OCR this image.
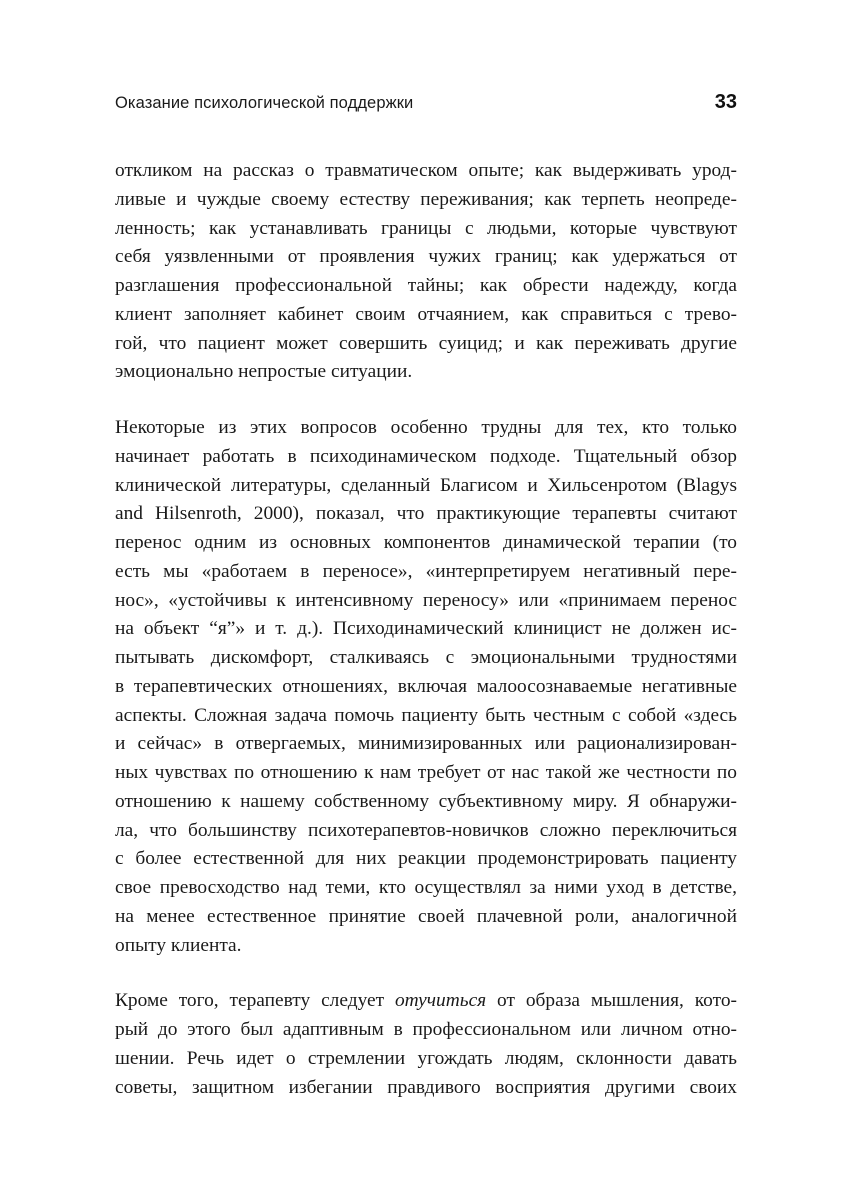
Оказание психологической поддержки	33
откликом на рассказ о травматическом опыте; как выдерживать урод-
ливые и чуждые своему естеству переживания; как терпеть неопреде-
ленность; как устанавливать границы с людьми, которые чувствуют
себя уязвленными от проявления чужих границ; как удержаться от
разглашения профессиональной тайны; как обрести надежду, когда
клиент заполняет кабинет своим отчаянием, как справиться с трево-
гой, что пациент может совершить суицид; и как переживать другие
эмоционально непростые ситуации.
Некоторые из этих вопросов особенно трудны для тех, кто только
начинает работать в психодинамическом подходе. Тщательный обзор
клинической литературы, сделанный Благисом и Хильсенротом (Blagys
and Hilsenroth, 2000), показал, что практикующие терапевты считают
перенос одним из основных компонентов динамической терапии (то
есть мы «работаем в переносе», «интерпретируем негативный пере-
нос», «устойчивы к интенсивному переносу» или «принимаем перенос
на объект “я”» и т. д.). Психодинамический клиницист не должен ис-
пытывать дискомфорт, сталкиваясь с эмоциональными трудностями
в терапевтических отношениях, включая малоосознаваемые негативные
аспекты. Сложная задача помочь пациенту быть честным с собой «здесь
и сейчас» в отвергаемых, минимизированных или рационализирован-
ных чувствах по отношению к нам требует от нас такой же честности по
отношению к нашему собственному субъективному миру. Я обнаружи-
ла, что большинству психотерапевтов-новичков сложно переключиться
с более естественной для них реакции продемонстрировать пациенту
свое превосходство над теми, кто осуществлял за ними уход в детстве,
на менее естественное принятие своей плачевной роли, аналогичной
опыту клиента.
Кроме того, терапевту следует отучиться от образа мышления, кото-
рый до этого был адаптивным в профессиональном или личном отно-
шении. Речь идет о стремлении угождать людям, склонности давать
советы, защитном избегании правдивого восприятия другими своих
